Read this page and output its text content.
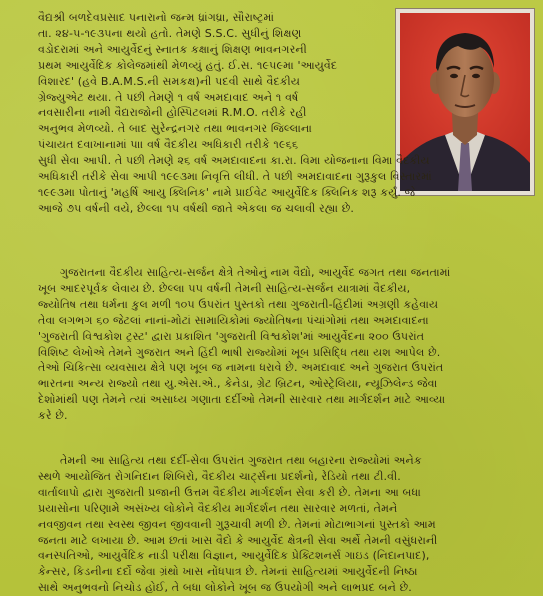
વૈદ્યશ્રી બળદેવપ્રસાદ પનારાનો જન્મ ધ્રાંગધ્રા, સૌરાષ્ટ્રમાં
તા. ૨૪-૫-૧૯૩૫ના થયો હતો. તેમણે S.S.C. સુધીનું શિક્ષણ
વડોદરામાં અને આયુર્વેદનું સ્નાતક કક્ષાનું શિક્ષણ ભાવનગરની
પ્રથમ આયુર્વેદિક કોલેજમાંથી મેળવ્યું હતું. ઈ.સ. ૧૯૫૯મા 'આયુર્વેદ
વિશારદ' (હવે B.A.M.S.ની સમકક્ષ)ની પદવી સાથે વૈદકીય
ગ્રેજ્યુએટ થયા. તે પછી તેમણે ૧ વર્ષ અમદાવાદ અને ૧ વર્ષ
નવસારીના નામી વૈદ્યરાજોની હોસ્પિટલમાં R.M.O. તરીકે રહી
અનુભવ મેળવ્યો. તે બાદ સુરેન્દ્રનગર તથા ભાવનગર જિલ્લાના
પંચાયત દવાખાનામાં પા। વર્ષ વૈદકીય અધિકારી તરીકે ૧૯૬૬
સુધી સેવા આપી. તે પછી તેમણે ૨૬ વર્ષ અમદાવાદના કા.રા. વિમા યોજનાના વિમા વૈદકીય
અધિકારી તરીકે સેવા આપી ૧૯૯૩મા નિવૃત્તિ લીધી. તે પછી અમદાવાદના ગુરૂકુલ વિસ્તારમાં
૧૯૯૩મા પોતાનું 'મહર્ષિ આયુ ક્લિનિક' નામે પ્રાઈવેટ આયુર્વેદિક ક્લિનિક શરૂ કર્યું. જે
આજે ૭૫ વર્ષની વયે, છેલ્લા ૧૫ વર્ષથી જાતે એકલા જ ચલાવી રહ્યા છે.
ગુજરાતના વૈદકીય સાહિત્ય-સર્જન ક્ષેત્રે તેઓનું નામ વૈદ્યો, આયુર્વેદ જગત તથા જનતામાં
ખૂબ આદરપૂર્વક લેવાય છે. છેલ્લા ૫૫ વર્ષની તેમની સાહિત્ય-સર્જન યાત્રામાં વૈદકીય,
જ્યોતિષ તથા ધર્મના કુલ મળી ૧૦૫ ઉપરાંત પુસ્તકો તથા ગુજરાતી-હિંદીમાં અગ્રણી કહેવાય
તેવા લગભગ ૬૦ જેટલાં નાનાં-મોટાં સામાયિકોમાં જ્યોતિષના પંચાંગોમાં તથા અમદાવાદના
'ગુજરાતી વિશ્વકોશ ટ્રસ્ટ' દ્વારા પ્રકાશિત 'ગુજરાતી વિશ્વકોશ'માં આયુર્વેદના ૨૦૦ ઉપરાંત
વિશિષ્ટ લેખોએ તેમને ગુજરાત અને હિંદી ભાષી રાજ્યોમાં ખૂબ પ્રસિદ્ધિ તથા યશ આપેલ છે.
તેઓ ચિકિત્સા વ્યવસાય ક્ષેત્રે પણ ખૂબ જ નામના ધરાવે છે. અમદાવાદ અને ગુજરાત ઉપરાંત
ભારતના અન્ય રાજ્યો તથા યુ.એસ.એ., કેનેડા, ગ્રેટ બ્રિટન, ઓસ્ટ્રેલિયા, ન્યૂઝિલેન્ડ જેવા
દેશોમાંથી પણ તેમને ત્યાં અસાધ્ય ગણાતા દર્દીઓ તેમની સારવાર તથા માર્ગદર્શન માટે આવ્યા
કરે છે.
તેમની આ સાહિત્ય તથા દર્દી-સેવા ઉપરાંત ગુજરાત તથા બહારના રાજ્યોમાં અનેક
સ્થળે આયોજિત રોગનિદાન શિબિરો, વૈદકીય ચાર્ટ્સના પ્રદર્શનો, રેડિયો તથા ટી.વી.
વાર્તાલાપો દ્વારા ગુજરાતી પ્રજાની ઉત્તમ વૈદકીય માર્ગદર્શન સેવા કરી છે. તેમના આ બધા
પ્રયાસોના પરિણામે અસંખ્ય લોકોને વૈદકીય માર્ગદર્શન તથા સારવાર મળતાં, તેમને
નવજીવન તથા સ્વસ્થ જીવન જીવવાની ગુરૂચાવી મળી છે. તેમનાં મોટાભાગનાં પુસ્તકો આમ
જનતા માટે લખાયા છે. આમ છતાં ખાસ વૈદો કે આયુર્વેદ ક્ષેત્રની સેવા અર્થે તેમની વસુંધરાની
વનસ્પતિઓ, આયુર્વેદિક નાડી પરીક્ષા વિજ્ઞાન, આયુર્વેદિક પ્રેક્ટિશનર્સ ગાઇડ (નિદાનપાદ),
કેન્સર, કિડનીના દર્દો જેવા ગ્રંથો ખાસ નોંધપાત્ર છે. તેમનાં સાહિત્યમાં આયુર્વેદની નિષ્ઠા
સાથે અનુભવનો નિચોડ હોઈ, તે બધા લોકોને ખૂબ જ ઉપયોગી અને લાભપ્રદ બને છે.
